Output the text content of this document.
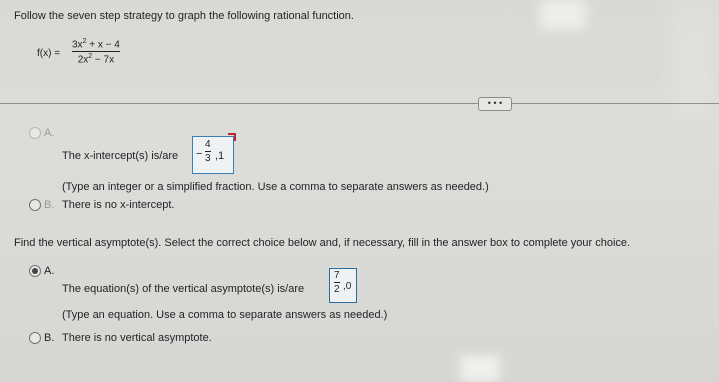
Follow the seven step strategy to graph the following rational function.
f(x) =
$3x^2 + x - 4$
$2x^2 - 7x$
• • •
A.
The x-intercept(s) is/are −
4
3 ,1
(Type an integer or a simplified fraction. Use a comma to separate answers as needed.)
B. There is no x-intercept.
Find the vertical asymptote(s). Select the correct choice below and, if necessary, fill in the answer box to complete your choice.
A.
The equation(s) of the vertical asymptote(s) is/are
7
2 ,0
(Type an equation. Use a comma to separate answers as needed.)
B. There is no vertical asymptote.
